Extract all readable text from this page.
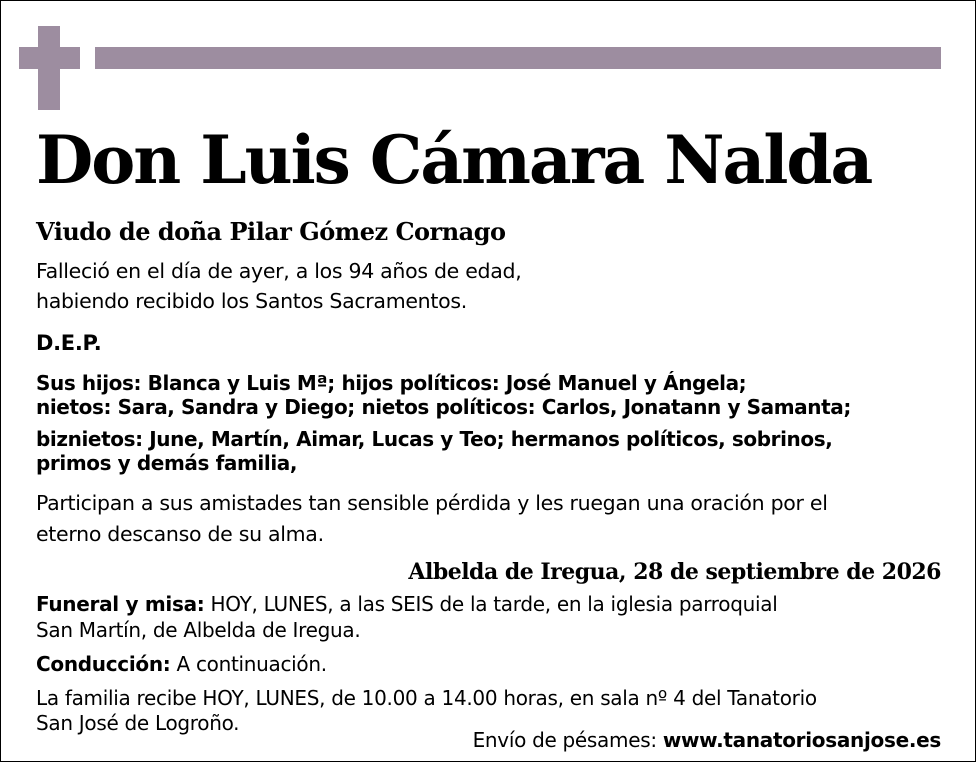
Don Luis Cámara Nalda
Viudo de doña Pilar Gómez Cornago
Falleció en el día de ayer, a los 94 años de edad,
habiendo recibido los Santos Sacramentos.
D.E.P.
Sus hijos: Blanca y Luis Mª; hijos políticos: José Manuel y Ángela;
nietos: Sara, Sandra y Diego; nietos políticos: Carlos, Jonatann y Samanta;
biznietos: June, Martín, Aimar, Lucas y Teo; hermanos políticos, sobrinos,
primos y demás familia,
Participan a sus amistades tan sensible pérdida y les ruegan una oración por el
eterno descanso de su alma.
Albelda de Iregua, 28 de septiembre de 2026
Funeral y misa: HOY, LUNES, a las SEIS de la tarde, en la iglesia parroquial
San Martín, de Albelda de Iregua.
Conducción: A continuación.
La familia recibe HOY, LUNES, de 10.00 a 14.00 horas, en sala nº 4 del Tanatorio
San José de Logroño.
Envío de pésames: www.tanatoriosanjose.es
